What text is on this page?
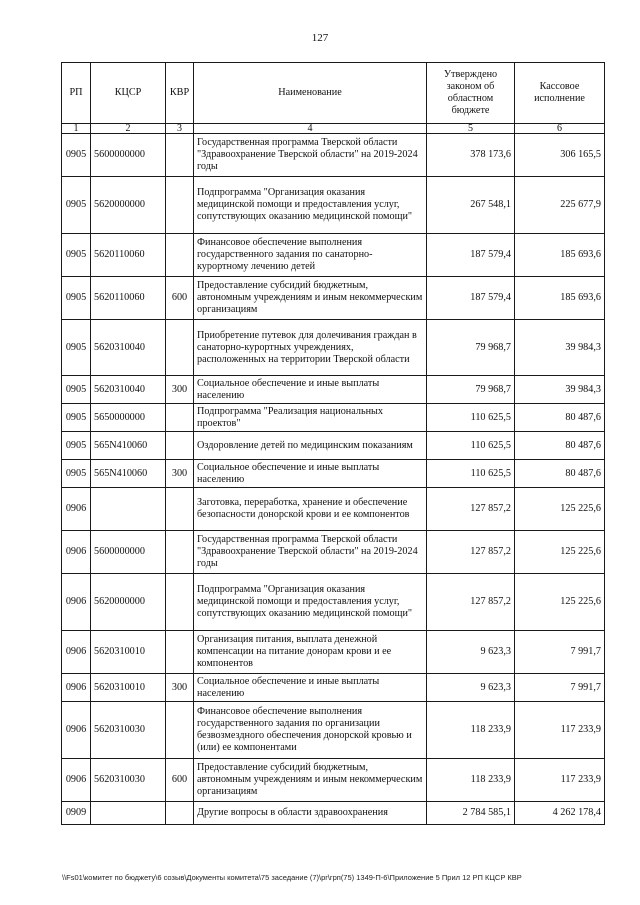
127
РП	КЦСР	КВР	Наименование	Утверждено законом об областном бюджете	Кассовое исполнение
1	2	3	4	5	6
0905	5600000000		Государственная программа Тверской области "Здравоохранение Тверской области" на 2019-2024 годы	378 173,6	306 165,5
0905	5620000000		Подпрограмма "Организация оказания медицинской помощи и предоставления услуг, сопутствующих оказанию медицинской помощи"	267 548,1	225 677,9
0905	5620110060		Финансовое обеспечение выполнения государственного задания по санаторно-курортному лечению детей	187 579,4	185 693,6
0905	5620110060	600	Предоставление субсидий бюджетным, автономным учреждениям и иным некоммерческим организациям	187 579,4	185 693,6
0905	5620310040		Приобретение путевок для долечивания граждан в санаторно-курортных учреждениях, расположенных на территории Тверской области	79 968,7	39 984,3
0905	5620310040	300	Социальное обеспечение и иные выплаты населению	79 968,7	39 984,3
0905	5650000000		Подпрограмма "Реализация национальных проектов"	110 625,5	80 487,6
0905	565N410060		Оздоровление детей по медицинским показаниям	110 625,5	80 487,6
0905	565N410060	300	Социальное обеспечение и иные выплаты населению	110 625,5	80 487,6
0906			Заготовка, переработка, хранение и обеспечение безопасности донорской крови и ее компонентов	127 857,2	125 225,6
0906	5600000000		Государственная программа Тверской области "Здравоохранение Тверской области" на 2019-2024 годы	127 857,2	125 225,6
0906	5620000000		Подпрограмма "Организация оказания медицинской помощи и предоставления услуг, сопутствующих оказанию медицинской помощи"	127 857,2	125 225,6
0906	5620310010		Организация питания, выплата денежной компенсации на питание донорам крови и ее компонентов	9 623,3	7 991,7
0906	5620310010	300	Социальное обеспечение и иные выплаты населению	9 623,3	7 991,7
0906	5620310030		Финансовое обеспечение выполнения государственного задания по организации безвозмездного обеспечения донорской кровью и (или) ее компонентами	118 233,9	117 233,9
0906	5620310030	600	Предоставление субсидий бюджетным, автономным учреждениям и иным некоммерческим организациям	118 233,9	117 233,9
0909			Другие вопросы в области здравоохранения	2 784 585,1	4 262 178,4
\\Fs01\комитет по бюджету\6 созыв\Документы комитета\75 заседание (7)\pr\грп(75) 1349-П-6\Приложение 5 Прил 12 РП КЦСР КВР
